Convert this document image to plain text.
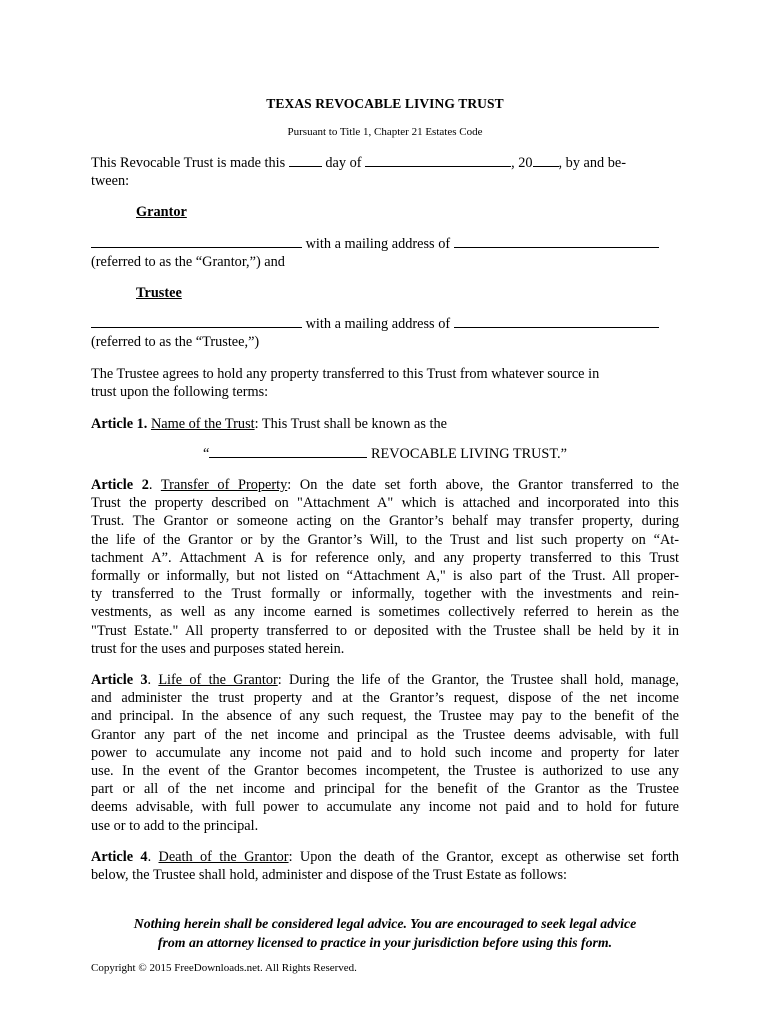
TEXAS REVOCABLE LIVING TRUST
Pursuant to Title 1, Chapter 21 Estates Code
This Revocable Trust is made this	day of	, 20 , by and be-
tween:
Grantor
with a mailing address of
(referred to as the “Grantor,”) and
Trustee
with a mailing address of
(referred to as the “Trustee,”)
The Trustee agrees to hold any property transferred to this Trust from whatever source in
trust upon the following terms:
Article 1. Name of the Trust: This Trust shall be known as the
“	REVOCABLE LIVING TRUST.”
Article 2. Transfer of Property: On the date set forth above, the Grantor transferred to the
Trust the property described on "Attachment A" which is attached and incorporated into this
Trust. The Grantor or someone acting on the Grantor’s behalf may transfer property, during
the life of the Grantor or by the Grantor’s Will, to the Trust and list such property on “At-
tachment A”. Attachment A is for reference only, and any property transferred to this Trust
formally or informally, but not listed on “Attachment A," is also part of the Trust. All proper-
ty transferred to the Trust formally or informally, together with the investments and rein-
vestments, as well as any income earned is sometimes collectively referred to herein as the
"Trust Estate." All property transferred to or deposited with the Trustee shall be held by it in
trust for the uses and purposes stated herein.
Article 3. Life of the Grantor: During the life of the Grantor, the Trustee shall hold, manage,
and administer the trust property and at the Grantor’s request, dispose of the net income
and principal. In the absence of any such request, the Trustee may pay to the benefit of the
Grantor any part of the net income and principal as the Trustee deems advisable, with full
power to accumulate any income not paid and to hold such income and property for later
use. In the event of the Grantor becomes incompetent, the Trustee is authorized to use any
part or all of the net income and principal for the benefit of the Grantor as the Trustee
deems advisable, with full power to accumulate any income not paid and to hold for future
use or to add to the principal.
Article 4. Death of the Grantor: Upon the death of the Grantor, except as otherwise set forth
below, the Trustee shall hold, administer and dispose of the Trust Estate as follows:
Nothing herein shall be considered legal advice. You are encouraged to seek legal advice
from an attorney licensed to practice in your jurisdiction before using this form.
Copyright © 2015 FreeDownloads.net. All Rights Reserved.
